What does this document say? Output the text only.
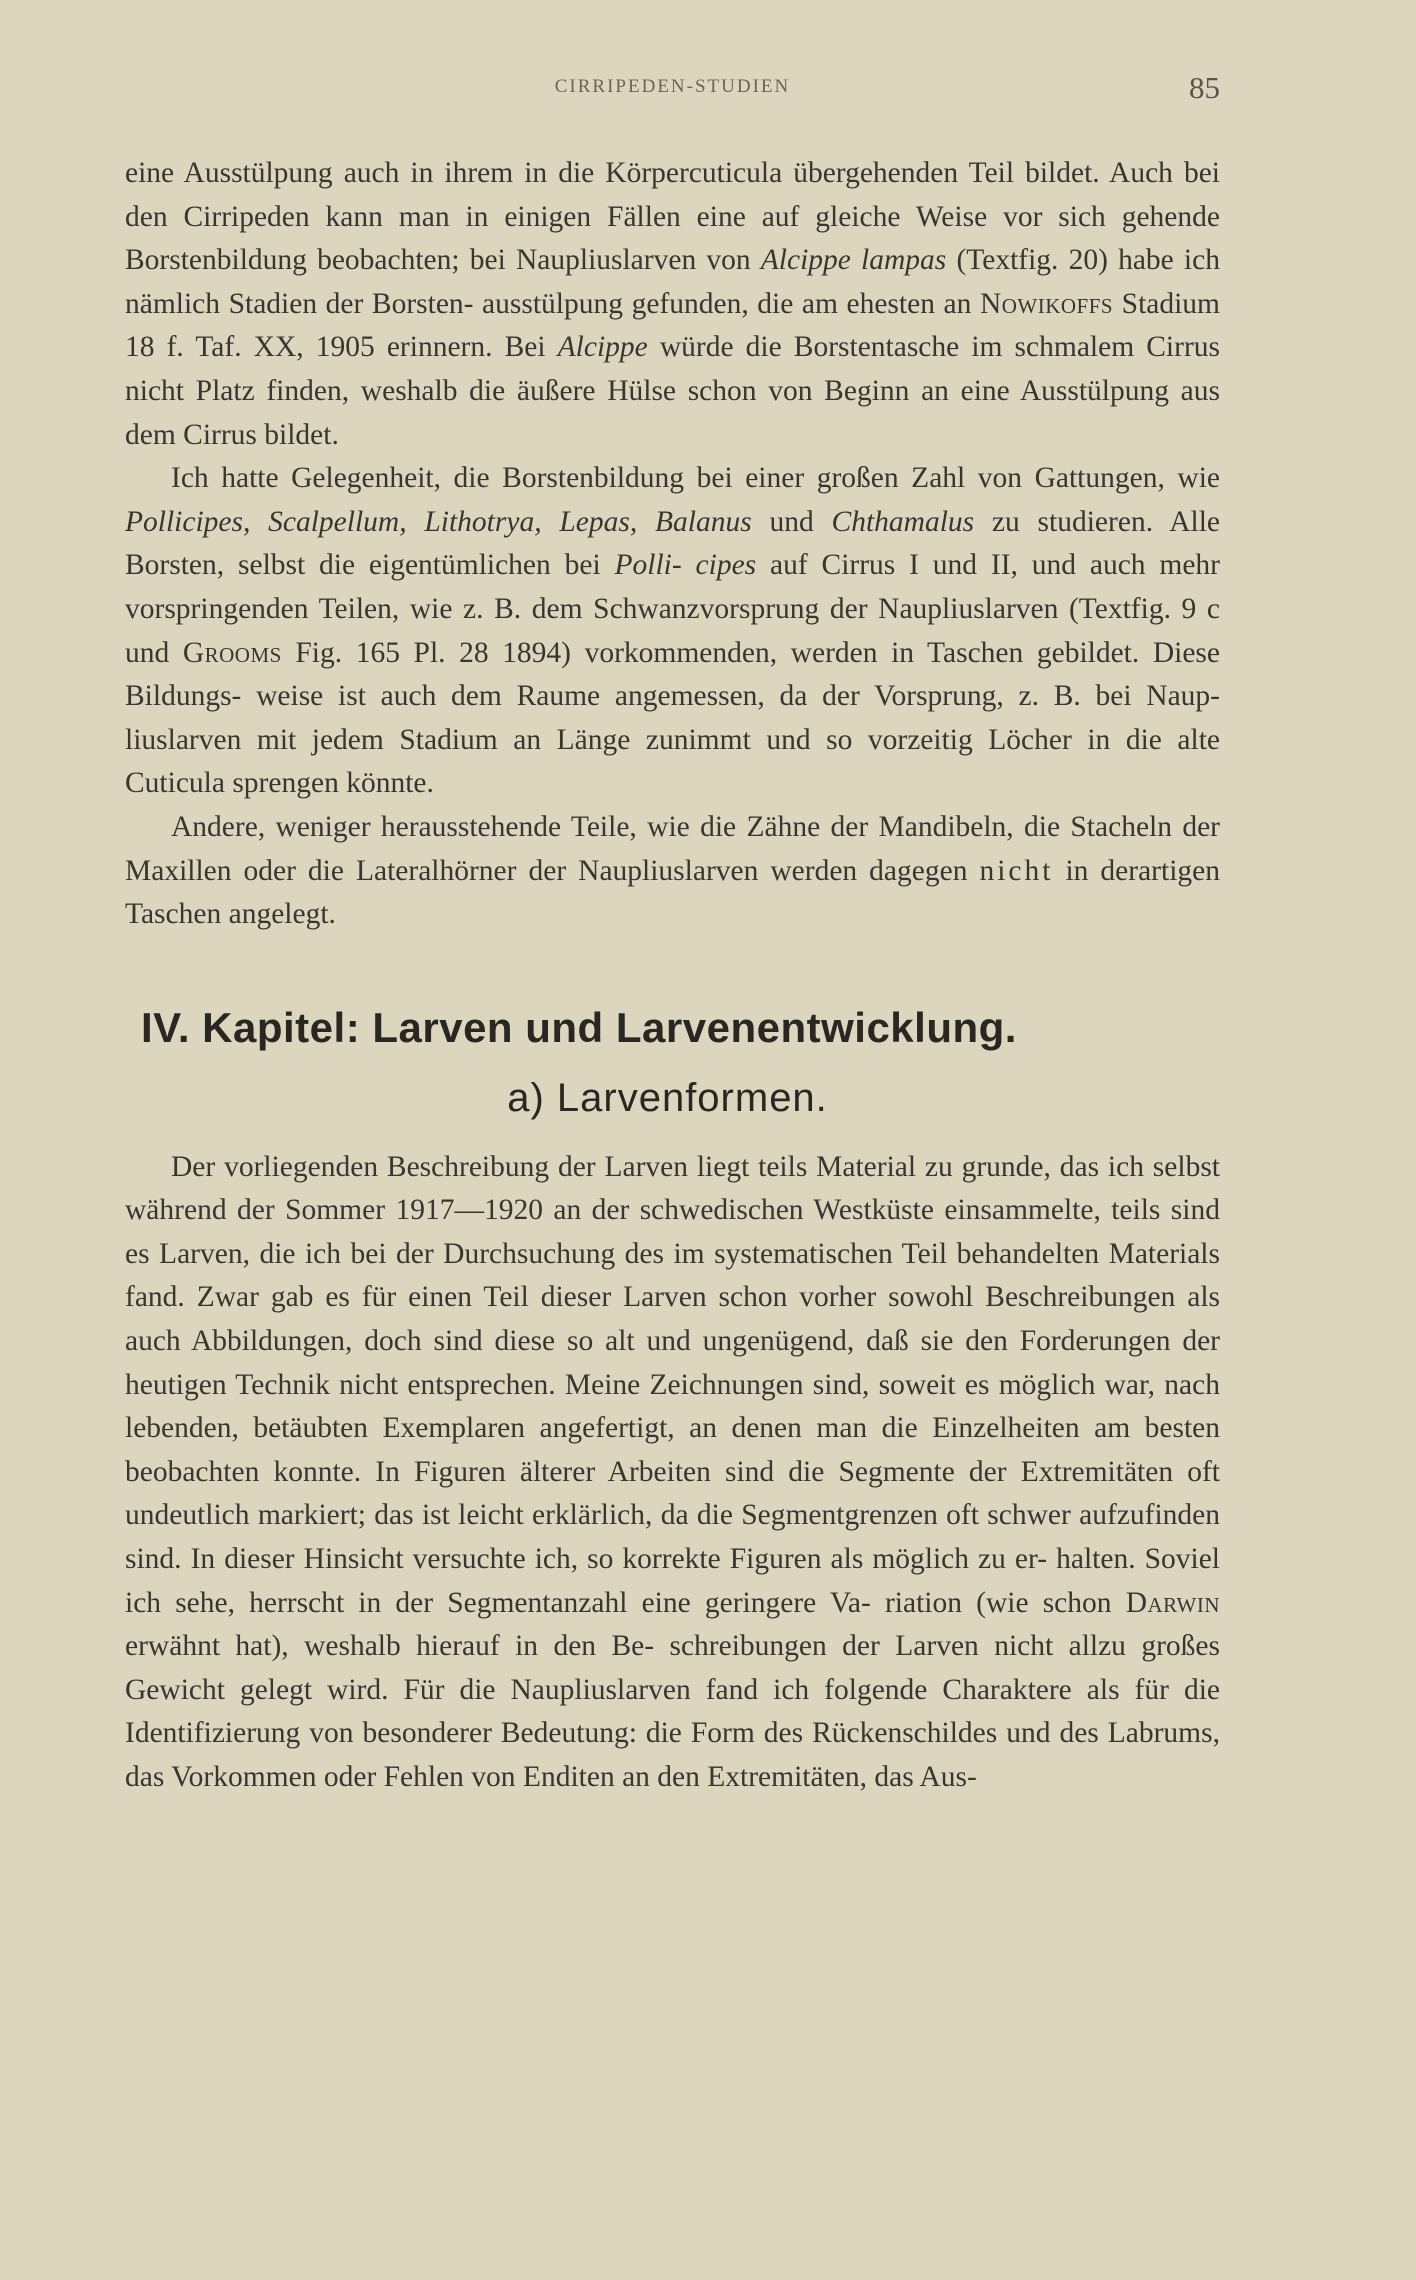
CIRRIPEDEN-STUDIEN	85

eine Ausstülpung auch in ihrem in die Körpercuticula übergehenden Teil bildet. Auch bei den Cirripeden kann man in einigen Fällen eine auf gleiche Weise vor sich gehende Borstenbildung beobachten; bei Naupliuslarven von Alcippe lampas (Textfig. 20) habe ich nämlich Stadien der Borsten- ausstülpung gefunden, die am ehesten an Nowikoffs Stadium 18 f. Taf. XX, 1905 erinnern. Bei Alcippe würde die Borstentasche im schmalem Cirrus nicht Platz finden, weshalb die äußere Hülse schon von Beginn an eine Ausstülpung aus dem Cirrus bildet.

Ich hatte Gelegenheit, die Borstenbildung bei einer großen Zahl von Gattungen, wie Pollicipes, Scalpellum, Lithotrya, Lepas, Balanus und Chthamalus zu studieren. Alle Borsten, selbst die eigentümlichen bei Polli- cipes auf Cirrus I und II, und auch mehr vorspringenden Teilen, wie z. B. dem Schwanzvorsprung der Naupliuslarven (Textfig. 9 c und Grooms Fig. 165 Pl. 28 1894) vorkommenden, werden in Taschen gebildet. Diese Bildungs- weise ist auch dem Raume angemessen, da der Vorsprung, z. B. bei Naup- liuslarven mit jedem Stadium an Länge zunimmt und so vorzeitig Löcher in die alte Cuticula sprengen könnte.

Andere, weniger herausstehende Teile, wie die Zähne der Mandibeln, die Stacheln der Maxillen oder die Lateralhörner der Naupliuslarven werden dagegen nicht in derartigen Taschen angelegt.

IV. Kapitel: Larven und Larvenentwicklung.
a) Larvenformen.

Der vorliegenden Beschreibung der Larven liegt teils Material zu grunde, das ich selbst während der Sommer 1917—1920 an der schwedischen Westküste einsammelte, teils sind es Larven, die ich bei der Durchsuchung des im systematischen Teil behandelten Materials fand. Zwar gab es für einen Teil dieser Larven schon vorher sowohl Beschreibungen als auch Abbildungen, doch sind diese so alt und ungenügend, daß sie den Forderungen der heutigen Technik nicht entsprechen. Meine Zeichnungen sind, soweit es möglich war, nach lebenden, betäubten Exemplaren angefertigt, an denen man die Einzelheiten am besten beobachten konnte. In Figuren älterer Arbeiten sind die Segmente der Extremitäten oft undeutlich markiert; das ist leicht erklärlich, da die Segmentgrenzen oft schwer aufzufinden sind. In dieser Hinsicht versuchte ich, so korrekte Figuren als möglich zu er- halten. Soviel ich sehe, herrscht in der Segmentanzahl eine geringere Va- riation (wie schon Darwin erwähnt hat), weshalb hierauf in den Be- schreibungen der Larven nicht allzu großes Gewicht gelegt wird. Für die Naupliuslarven fand ich folgende Charaktere als für die Identifizierung von besonderer Bedeutung: die Form des Rückenschildes und des Labrums, das Vorkommen oder Fehlen von Enditen an den Extremitäten, das Aus-
